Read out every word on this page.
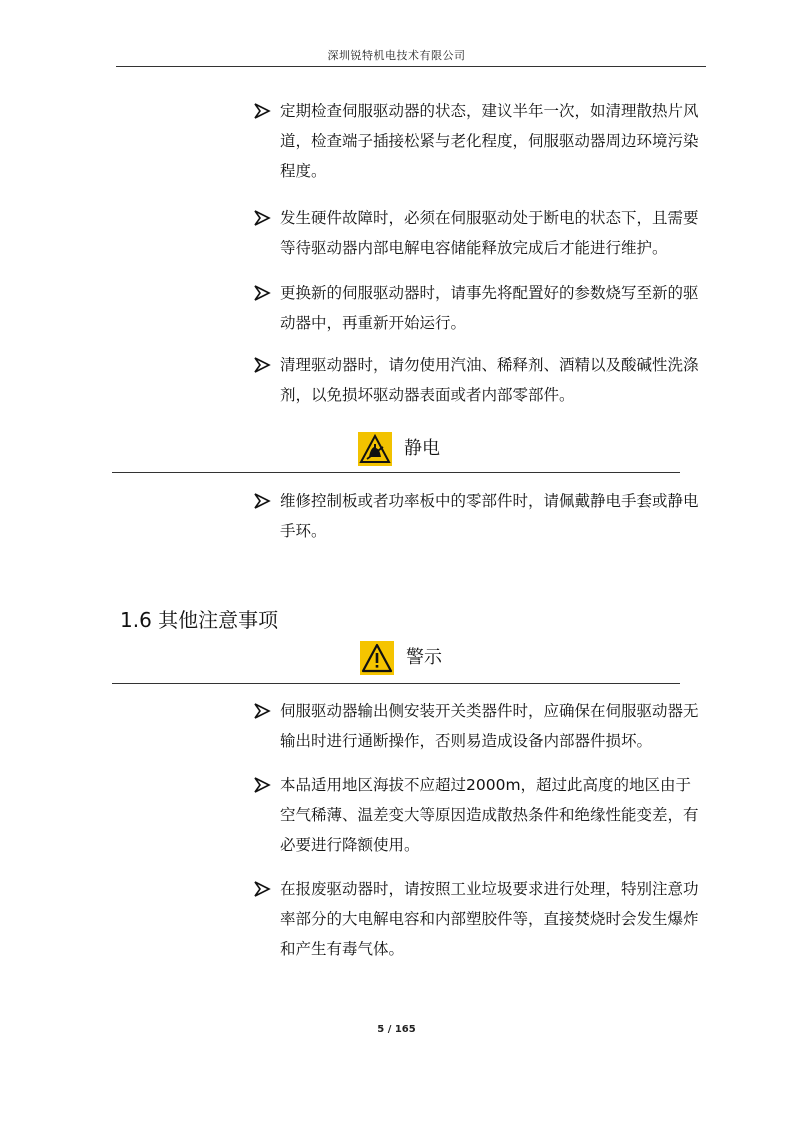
深圳锐特机电技术有限公司
定期检查伺服驱动器的状态，建议半年一次，如清理散热片风道，检查端子插接松紧与老化程度，伺服驱动器周边环境污染程度。
发生硬件故障时，必须在伺服驱动处于断电的状态下，且需要等待驱动器内部电解电容储能释放完成后才能进行维护。
更换新的伺服驱动器时，请事先将配置好的参数烧写至新的驱动器中，再重新开始运行。
清理驱动器时，请勿使用汽油、稀释剂、酒精以及酸碱性洗涤剂，以免损坏驱动器表面或者内部零部件。
静电
维修控制板或者功率板中的零部件时，请佩戴静电手套或静电手环。
1.6 其他注意事项
警示
伺服驱动器输出侧安装开关类器件时，应确保在伺服驱动器无输出时进行通断操作，否则易造成设备内部器件损坏。
本品适用地区海拔不应超过2000m，超过此高度的地区由于空气稀薄、温差变大等原因造成散热条件和绝缘性能变差，有必要进行降额使用。
在报废驱动器时，请按照工业垃圾要求进行处理，特别注意功率部分的大电解电容和内部塑胶件等，直接焚烧时会发生爆炸和产生有毒气体。
5 / 165
